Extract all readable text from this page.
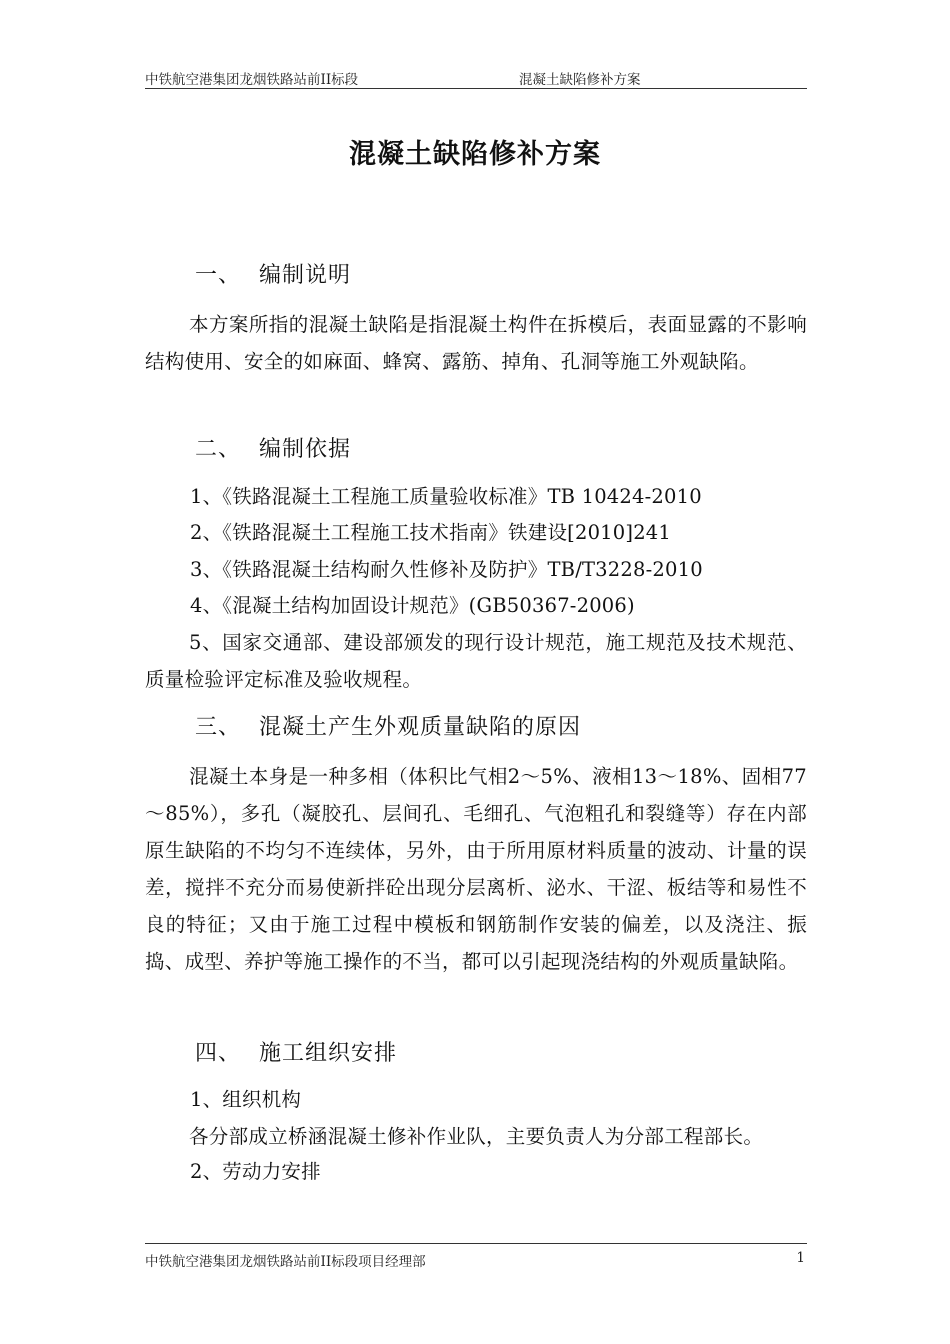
中铁航空港集团龙烟铁路站前II标段	混凝土缺陷修补方案
混凝土缺陷修补方案
一、 编制说明
本方案所指的混凝土缺陷是指混凝土构件在拆模后，表面显露的不影响结构使用、安全的如麻面、蜂窝、露筋、掉角、孔洞等施工外观缺陷。
二、 编制依据
1、《铁路混凝土工程施工质量验收标准》TB 10424-2010
2、《铁路混凝土工程施工技术指南》铁建设[2010]241
3、《铁路混凝土结构耐久性修补及防护》TB/T3228-2010
4、《混凝土结构加固设计规范》(GB50367-2006)
5、国家交通部、建设部颁发的现行设计规范，施工规范及技术规范、质量检验评定标准及验收规程。
三、 混凝土产生外观质量缺陷的原因
混凝土本身是一种多相（体积比气相2～5%、液相13～18%、固相77～85%），多孔（凝胶孔、层间孔、毛细孔、气泡粗孔和裂缝等）存在内部原生缺陷的不均匀不连续体，另外，由于所用原材料质量的波动、计量的误差，搅拌不充分而易使新拌砼出现分层离析、泌水、干涩、板结等和易性不良的特征；又由于施工过程中模板和钢筋制作安装的偏差，以及浇注、振捣、成型、养护等施工操作的不当，都可以引起现浇结构的外观质量缺陷。
四、 施工组织安排
1、组织机构
各分部成立桥涵混凝土修补作业队，主要负责人为分部工程部长。
2、劳动力安排
中铁航空港集团龙烟铁路站前II标段项目经理部	1
